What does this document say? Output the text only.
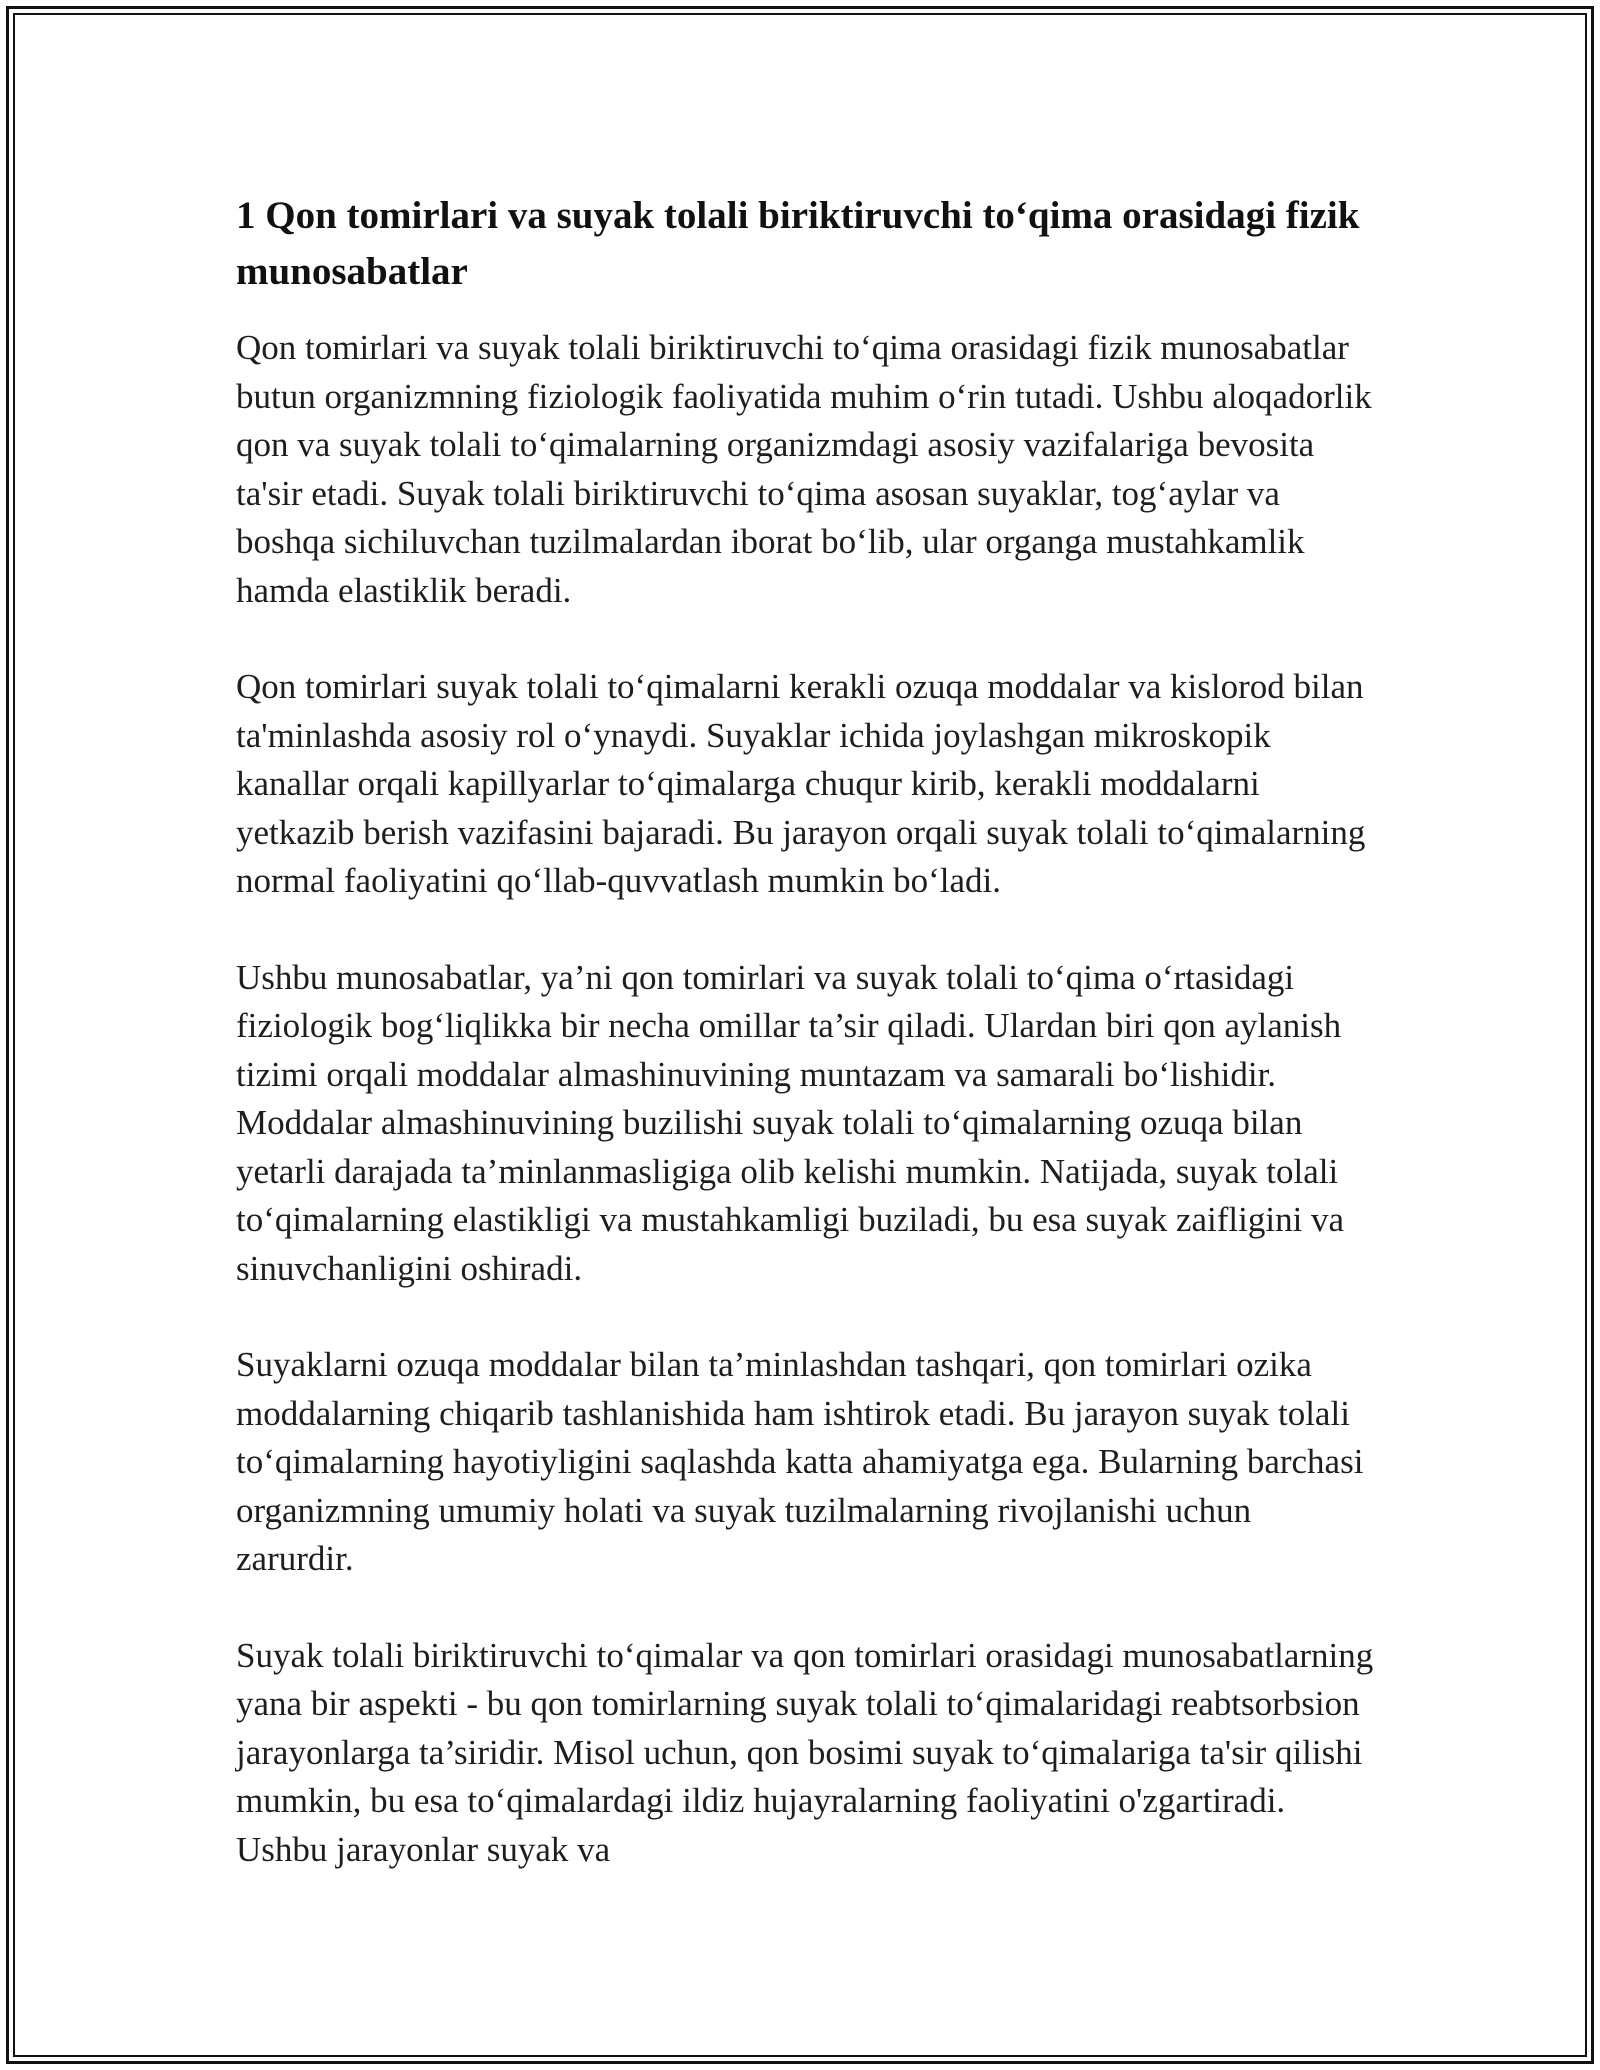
1 Qon tomirlari va suyak tolali biriktiruvchi to‘qima orasidagi fizik munosabatlar

Qon tomirlari va suyak tolali biriktiruvchi to‘qima orasidagi fizik munosabatlar butun organizmning fiziologik faoliyatida muhim o‘rin tutadi. Ushbu aloqadorlik qon va suyak tolali to‘qimalarning organizmdagi asosiy vazifalariga bevosita ta'sir etadi. Suyak tolali biriktiruvchi to‘qima asosan suyaklar, tog‘aylar va boshqa sichiluvchan tuzilmalardan iborat bo‘lib, ular organga mustahkamlik hamda elastiklik beradi.

Qon tomirlari suyak tolali to‘qimalarni kerakli ozuqa moddalar va kislorod bilan ta'minlashda asosiy rol o‘ynaydi. Suyaklar ichida joylashgan mikroskopik kanallar orqali kapillyarlar to‘qimalarga chuqur kirib, kerakli moddalarni yetkazib berish vazifasini bajaradi. Bu jarayon orqali suyak tolali to‘qimalarning normal faoliyatini qo‘llab-quvvatlash mumkin bo‘ladi.

Ushbu munosabatlar, ya’ni qon tomirlari va suyak tolali to‘qima o‘rtasidagi fiziologik bog‘liqlikka bir necha omillar ta’sir qiladi. Ulardan biri qon aylanish tizimi orqali moddalar almashinuvining muntazam va samarali bo‘lishidir. Moddalar almashinuvining buzilishi suyak tolali to‘qimalarning ozuqa bilan yetarli darajada ta’minlanmasligiga olib kelishi mumkin. Natijada, suyak tolali to‘qimalarning elastikligi va mustahkamligi buziladi, bu esa suyak zaifligini va sinuvchanligini oshiradi.

Suyaklarni ozuqa moddalar bilan ta’minlashdan tashqari, qon tomirlari ozika moddalarning chiqarib tashlanishida ham ishtirok etadi. Bu jarayon suyak tolali to‘qimalarning hayotiyligini saqlashda katta ahamiyatga ega. Bularning barchasi organizmning umumiy holati va suyak tuzilmalarning rivojlanishi uchun zarurdir.

Suyak tolali biriktiruvchi to‘qimalar va qon tomirlari orasidagi munosabatlarning yana bir aspekti - bu qon tomirlarning suyak tolali to‘qimalaridagi reabtsorbsion jarayonlarga ta’siridir. Misol uchun, qon bosimi suyak to‘qimalariga ta'sir qilishi mumkin, bu esa to‘qimalardagi ildiz hujayralarning faoliyatini o'zgartiradi. Ushbu jarayonlar suyak va
